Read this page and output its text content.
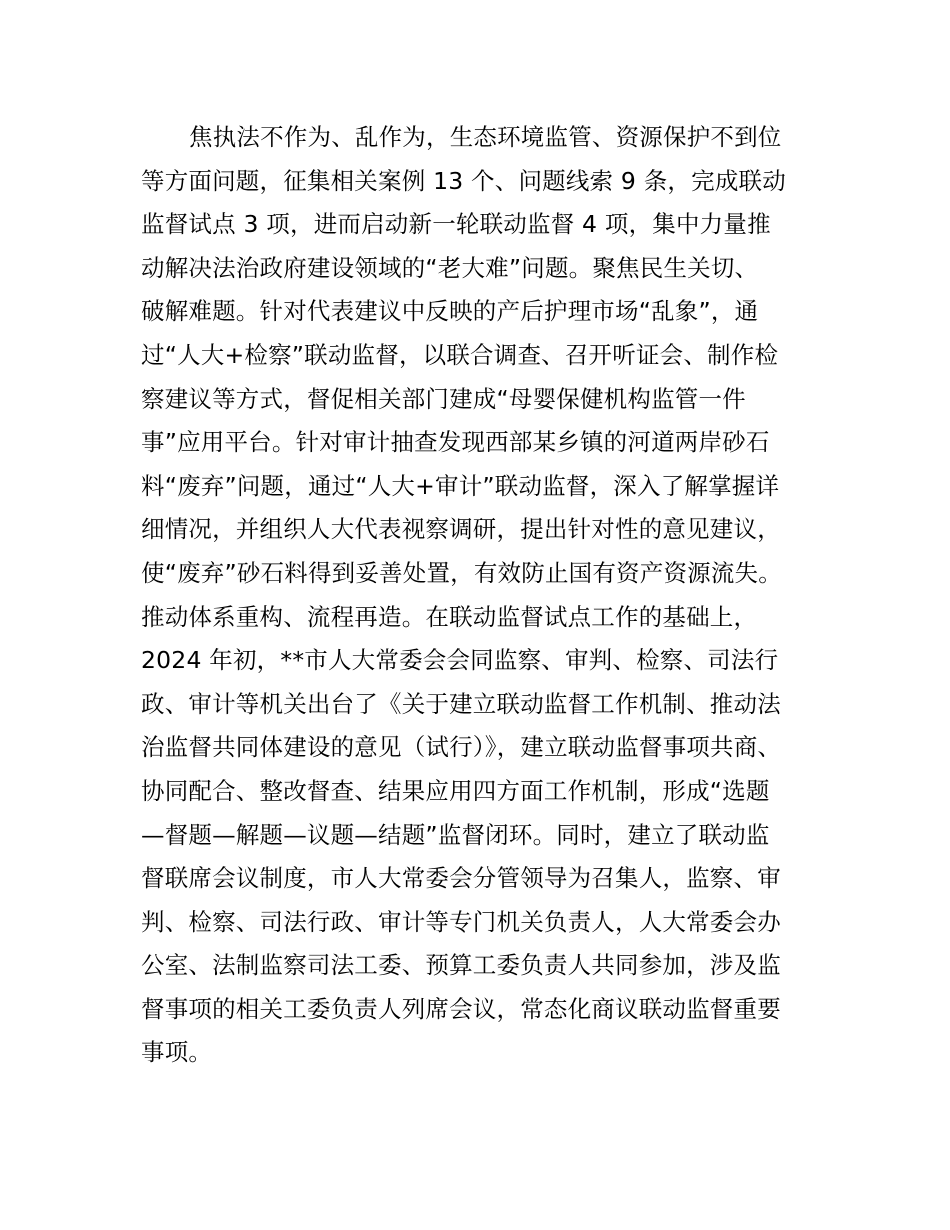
焦执法不作为、乱作为，生态环境监管、资源保护不到位
等方面问题，征集相关案例 13 个、问题线索 9 条，完成联动
监督试点 3 项，进而启动新一轮联动监督 4 项，集中力量推
动解决法治政府建设领域的“老大难”问题。聚焦民生关切、
破解难题。针对代表建议中反映的产后护理市场“乱象”，通
过“人大+检察”联动监督，以联合调查、召开听证会、制作检
察建议等方式，督促相关部门建成“母婴保健机构监管一件
事”应用平台。针对审计抽查发现西部某乡镇的河道两岸砂石
料“废弃”问题，通过“人大+审计”联动监督，深入了解掌握详
细情况，并组织人大代表视察调研，提出针对性的意见建议，
使“废弃”砂石料得到妥善处置，有效防止国有资产资源流失。
推动体系重构、流程再造。在联动监督试点工作的基础上，
2024 年初，**市人大常委会会同监察、审判、检察、司法行
政、审计等机关出台了《关于建立联动监督工作机制、推动法
治监督共同体建设的意见（试行）》，建立联动监督事项共商、
协同配合、整改督查、结果应用四方面工作机制，形成“选题
—督题—解题—议题—结题”监督闭环。同时，建立了联动监
督联席会议制度，市人大常委会分管领导为召集人，监察、审
判、检察、司法行政、审计等专门机关负责人，人大常委会办
公室、法制监察司法工委、预算工委负责人共同参加，涉及监
督事项的相关工委负责人列席会议，常态化商议联动监督重要
事项。
